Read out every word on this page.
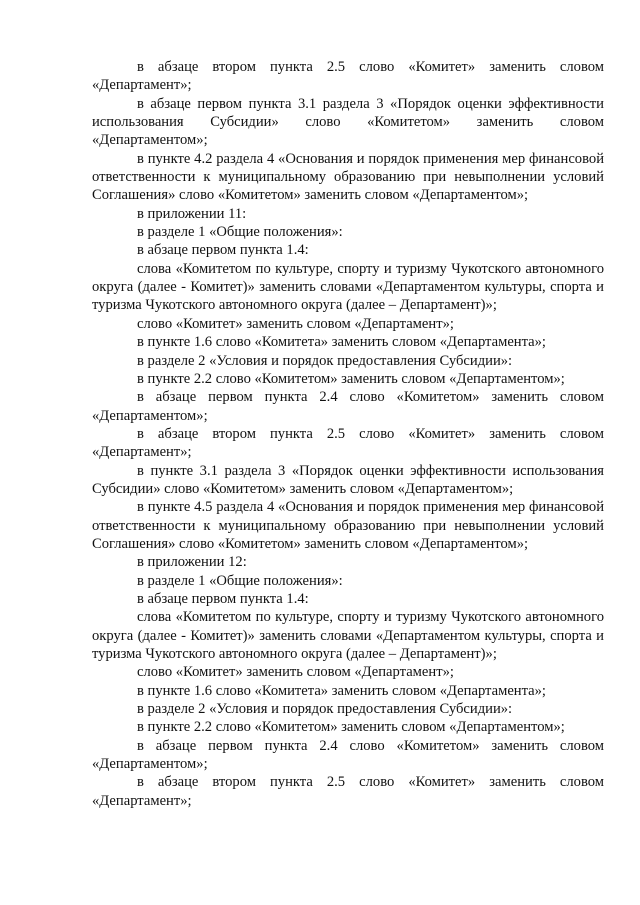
в абзаце втором пункта 2.5 слово «Комитет» заменить словом «Департамент»;

в абзаце первом пункта 3.1 раздела 3 «Порядок оценки эффективности использования Субсидии» слово «Комитетом» заменить словом «Департаментом»;

в пункте 4.2 раздела 4 «Основания и порядок применения мер финансовой ответственности к муниципальному образованию при невыполнении условий Соглашения» слово «Комитетом» заменить словом «Департаментом»;

в приложении 11:

в разделе 1 «Общие положения»:

в абзаце первом пункта 1.4:

слова «Комитетом по культуре, спорту и туризму Чукотского автономного округа (далее - Комитет)» заменить словами «Департаментом культуры, спорта и туризма Чукотского автономного округа (далее – Департамент)»;

слово «Комитет» заменить словом «Департамент»;

в пункте 1.6 слово «Комитета» заменить словом «Департамента»;

в разделе 2 «Условия и порядок предоставления Субсидии»:

в пункте 2.2 слово «Комитетом» заменить словом «Департаментом»;

в абзаце первом пункта 2.4 слово «Комитетом» заменить словом «Департаментом»;

в абзаце втором пункта 2.5 слово «Комитет» заменить словом «Департамент»;

в пункте 3.1 раздела 3 «Порядок оценки эффективности использования Субсидии» слово «Комитетом» заменить словом «Департаментом»;

в пункте 4.5 раздела 4 «Основания и порядок применения мер финансовой ответственности к муниципальному образованию при невыполнении условий Соглашения» слово «Комитетом» заменить словом «Департаментом»;

в приложении 12:

в разделе 1 «Общие положения»:

в абзаце первом пункта 1.4:

слова «Комитетом по культуре, спорту и туризму Чукотского автономного округа (далее - Комитет)» заменить словами «Департаментом культуры, спорта и туризма Чукотского автономного округа (далее – Департамент)»;

слово «Комитет» заменить словом «Департамент»;

в пункте 1.6 слово «Комитета» заменить словом «Департамента»;

в разделе 2 «Условия и порядок предоставления Субсидии»:

в пункте 2.2 слово «Комитетом» заменить словом «Департаментом»;

в абзаце первом пункта 2.4 слово «Комитетом» заменить словом «Департаментом»;

в абзаце втором пункта 2.5 слово «Комитет» заменить словом «Департамент»;
